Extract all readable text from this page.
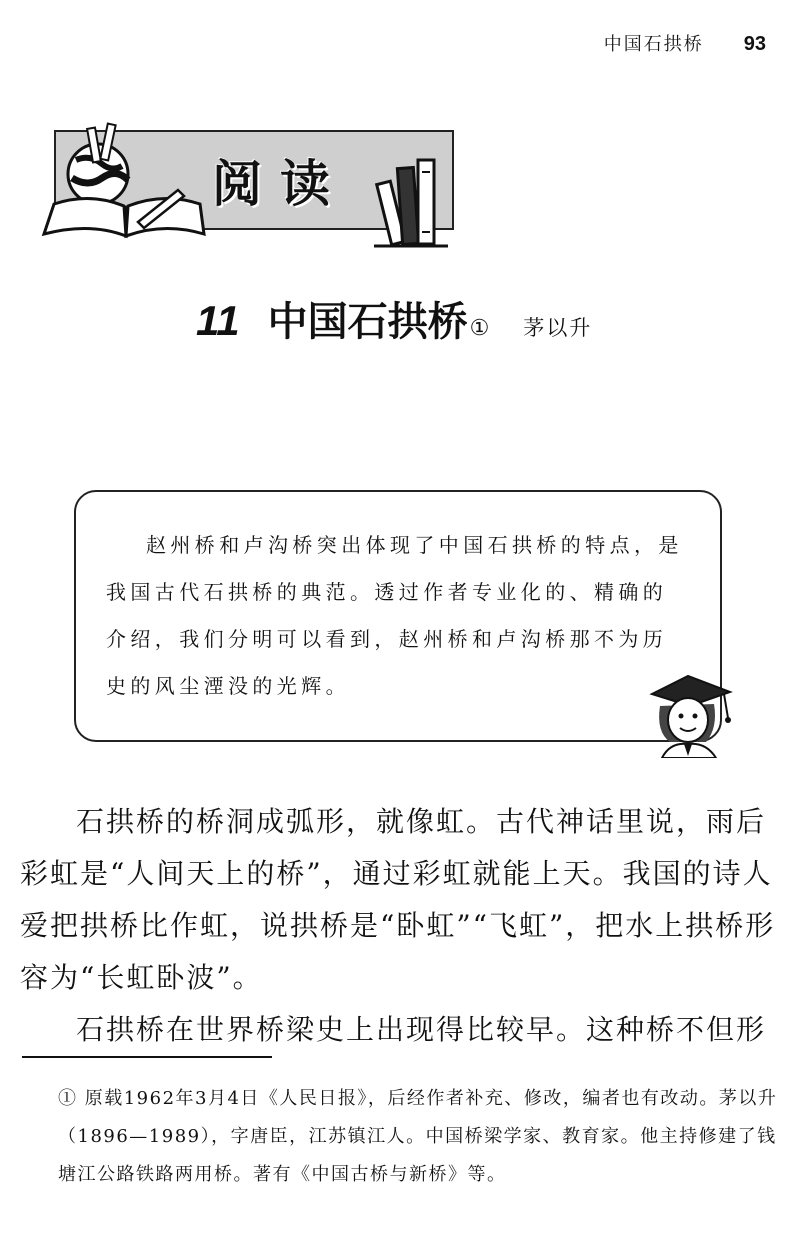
中国石拱桥 93
阅读
11 中国石拱桥 ① 茅以升

赵州桥和卢沟桥突出体现了中国石拱桥的特点，是我国古代石拱桥的典范。透过作者专业化的、精确的介绍，我们分明可以看到，赵州桥和卢沟桥那不为历史的风尘湮没的光辉。

石拱桥的桥洞成弧形，就像虹。古代神话里说，雨后彩虹是“人间天上的桥”，通过彩虹就能上天。我国的诗人爱把拱桥比作虹，说拱桥是“卧虹”“飞虹”，把水上拱桥形容为“长虹卧波”。

石拱桥在世界桥梁史上出现得比较早。这种桥不但形

① 原载1962年3月4日《人民日报》，后经作者补充、修改，编者也有改动。茅以升（1896—1989），字唐臣，江苏镇江人。中国桥梁学家、教育家。他主持修建了钱塘江公路铁路两用桥。著有《中国古桥与新桥》等。
